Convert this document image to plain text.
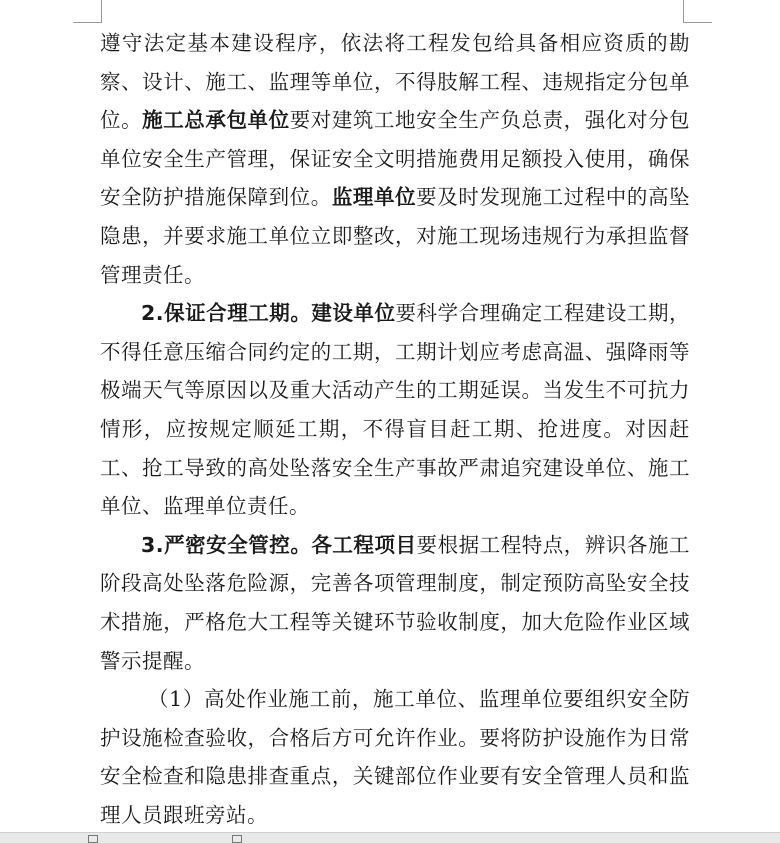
遵守法定基本建设程序，依法将工程发包给具备相应资质的勘察、设计、施工、监理等单位，不得肢解工程、违规指定分包单位。施工总承包单位要对建筑工地安全生产负总责，强化对分包单位安全生产管理，保证安全文明措施费用足额投入使用，确保安全防护措施保障到位。监理单位要及时发现施工过程中的高坠隐患，并要求施工单位立即整改，对施工现场违规行为承担监督管理责任。

2.保证合理工期。建设单位要科学合理确定工程建设工期，不得任意压缩合同约定的工期，工期计划应考虑高温、强降雨等极端天气等原因以及重大活动产生的工期延误。当发生不可抗力情形，应按规定顺延工期，不得盲目赶工期、抢进度。对因赶工、抢工导致的高处坠落安全生产事故严肃追究建设单位、施工单位、监理单位责任。

3.严密安全管控。各工程项目要根据工程特点，辨识各施工阶段高处坠落危险源，完善各项管理制度，制定预防高坠安全技术措施，严格危大工程等关键环节验收制度，加大危险作业区域警示提醒。

（1）高处作业施工前，施工单位、监理单位要组织安全防护设施检查验收，合格后方可允许作业。要将防护设施作为日常安全检查和隐患排查重点，关键部位作业要有安全管理人员和监理人员跟班旁站。
